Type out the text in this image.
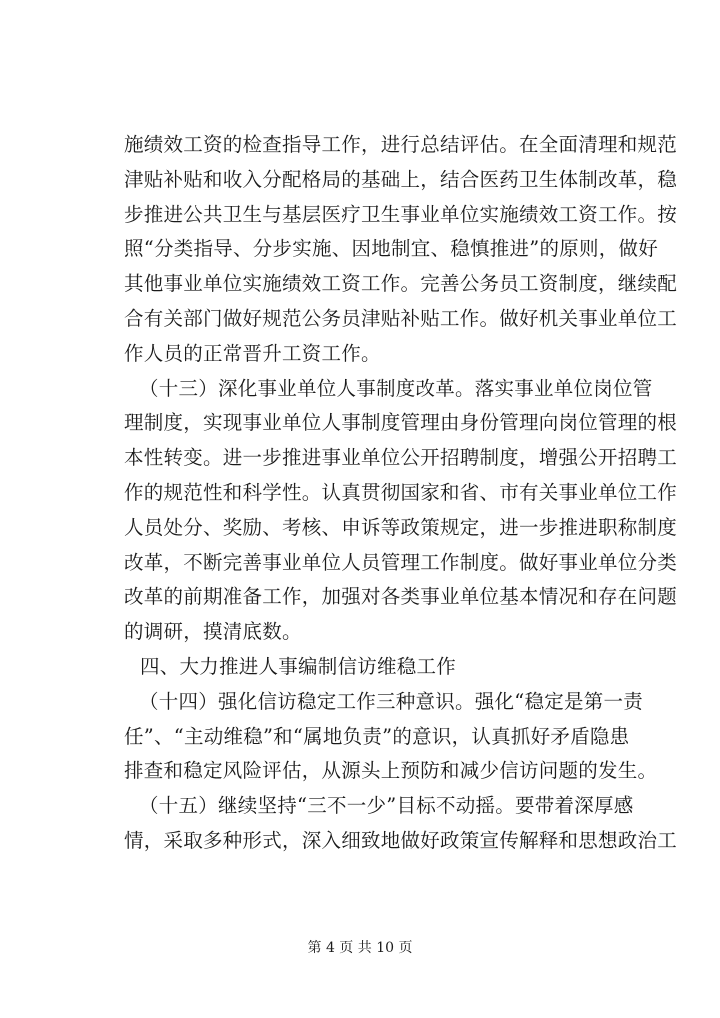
施绩效工资的检查指导工作，进行总结评估。在全面清理和规范
津贴补贴和收入分配格局的基础上，结合医药卫生体制改革，稳
步推进公共卫生与基层医疗卫生事业单位实施绩效工资工作。按
照“分类指导、分步实施、因地制宜、稳慎推进”的原则，做好
其他事业单位实施绩效工资工作。完善公务员工资制度，继续配
合有关部门做好规范公务员津贴补贴工作。做好机关事业单位工
作人员的正常晋升工资工作。
（十三）深化事业单位人事制度改革。落实事业单位岗位管
理制度，实现事业单位人事制度管理由身份管理向岗位管理的根
本性转变。进一步推进事业单位公开招聘制度，增强公开招聘工
作的规范性和科学性。认真贯彻国家和省、市有关事业单位工作
人员处分、奖励、考核、申诉等政策规定，进一步推进职称制度
改革，不断完善事业单位人员管理工作制度。做好事业单位分类
改革的前期准备工作，加强对各类事业单位基本情况和存在问题
的调研，摸清底数。
四、大力推进人事编制信访维稳工作
（十四）强化信访稳定工作三种意识。强化“稳定是第一责
任”、“主动维稳”和“属地负责”的意识，认真抓好矛盾隐患
排查和稳定风险评估，从源头上预防和减少信访问题的发生。
（十五）继续坚持“三不一少”目标不动摇。要带着深厚感
情，采取多种形式，深入细致地做好政策宣传解释和思想政治工
第 4 页 共 10 页
